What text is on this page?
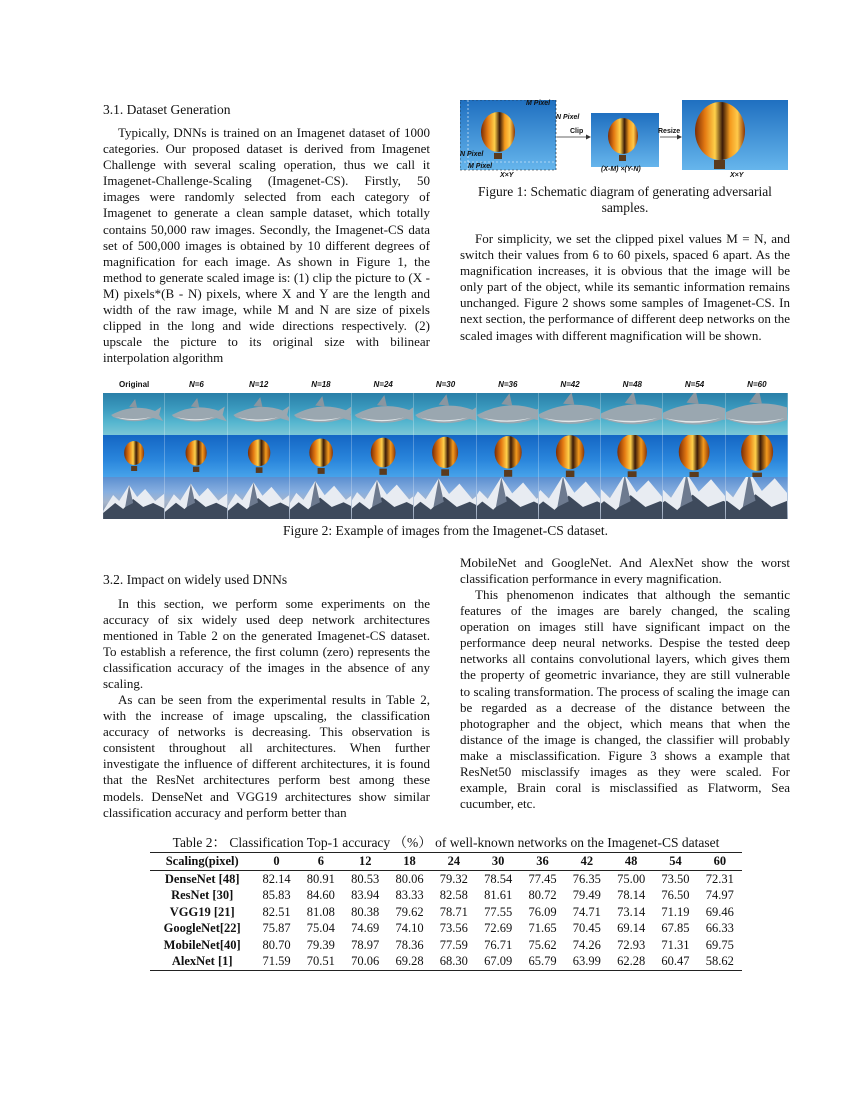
3.1. Dataset Generation

Typically, DNNs is trained on an Imagenet dataset of 1000 categories. Our proposed dataset is derived from Imagenet Challenge with several scaling operation, thus we call it Imagenet-Challenge-Scaling (Imagenet-CS). Firstly, 50 images were randomly selected from each category of Imagenet to generate a clean sample dataset, which totally contains 50,000 raw images. Secondly, the Imagenet-CS data set of 500,000 images is obtained by 10 different degrees of magnification for each image. As shown in Figure 1, the method to generate scaled image is: (1) clip the picture to (X - M) pixels*(B - N) pixels, where X and Y are the length and width of the raw image, while M and N are size of pixels clipped in the long and wide directions respectively. (2) upscale the picture to its original size with bilinear interpolation algorithm

M Pixel
N Pixel
N Pixel
M Pixel
Clip	Resize
X×Y
(X-M) ×(Y-N)
X×Y
Figure 1: Schematic diagram of generating adversarial samples.

For simplicity, we set the clipped pixel values M = N, and switch their values from 6 to 60 pixels, spaced 6 apart. As the magnification increases, it is obvious that the image will be only part of the object, while its semantic information remains unchanged. Figure 2 shows some samples of Imagenet-CS. In next section, the performance of different deep networks on the scaled images with different magnification will be shown.

Original	N=6	N=12	N=18	N=24	N=30	N=36	N=42	N=48	N=54	N=60
Figure 2: Example of images from the Imagenet-CS dataset.
3.2. Impact on widely used DNNs

In this section, we perform some experiments on the accuracy of six widely used deep network architectures mentioned in Table 2 on the generated Imagenet-CS dataset. To establish a reference, the first column (zero) represents the classification accuracy of the images in the absence of any scaling.

As can be seen from the experimental results in Table 2, with the increase of image upscaling, the classification accuracy of networks is decreasing. This observation is consistent throughout all architectures. When further investigate the influence of different architectures, it is found that the ResNet architectures perform best among these models. DenseNet and VGG19 architectures show similar classification accuracy and perform better than

MobileNet and GoogleNet. And AlexNet show the worst classification performance in every magnification.

This phenomenon indicates that although the semantic features of the images are barely changed, the scaling operation on images still have significant impact on the performance deep neural networks. Despise the tested deep networks all contains convolutional layers, which gives them the property of geometric invariance, they are still vulnerable to scaling transformation. The process of scaling the image can be regarded as a decrease of the distance between the photographer and the object, which means that when the distance of the image is changed, the classifier will probably make a misclassification. Figure 3 shows a example that ResNet50 misclassify images as they were scaled. For example, Brain coral is misclassified as Flatworm, Sea cucumber, etc.

Table 2： Classification Top-1 accuracy （%） of well-known networks on the Imagenet-CS dataset
Scaling(pixel)	0	6	12	18	24	30	36	42	48	54	60
DenseNet [48]	82.14	80.91	80.53	80.06	79.32	78.54	77.45	76.35	75.00	73.50	72.31
ResNet [30]	85.83	84.60	83.94	83.33	82.58	81.61	80.72	79.49	78.14	76.50	74.97
VGG19 [21]	82.51	81.08	80.38	79.62	78.71	77.55	76.09	74.71	73.14	71.19	69.46
GoogleNet[22]	75.87	75.04	74.69	74.10	73.56	72.69	71.65	70.45	69.14	67.85	66.33
MobileNet[40]	80.70	79.39	78.97	78.36	77.59	76.71	75.62	74.26	72.93	71.31	69.75
AlexNet [1]	71.59	70.51	70.06	69.28	68.30	67.09	65.79	63.99	62.28	60.47	58.62
